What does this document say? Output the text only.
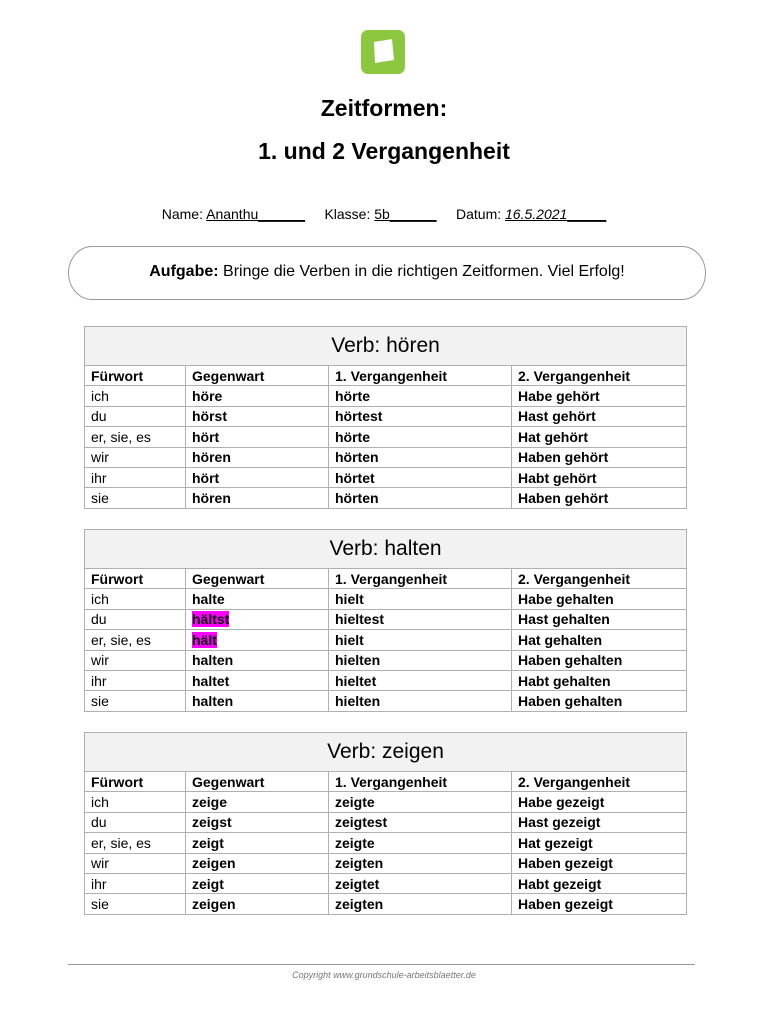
Zeitformen:
1. und 2 Vergangenheit
Name: Ananthu______ Klasse: 5b______ Datum: 16.5.2021_____
Aufgabe: Bringe die Verben in die richtigen Zeitformen. Viel Erfolg!
Verb: hören			
Fürwort	Gegenwart	1. Vergangenheit	2. Vergangenheit
ich	höre	hörte	Habe gehört
du	hörst	hörtest	Hast gehört
er, sie, es	hört	hörte	Hat gehört
wir	hören	hörten	Haben gehört
ihr	hört	hörtet	Habt gehört
sie	hören	hörten	Haben gehört
Verb: halten			
Fürwort	Gegenwart	1. Vergangenheit	2. Vergangenheit
ich	halte	hielt	Habe gehalten
du	hältst	hieltest	Hast gehalten
er, sie, es	hält	hielt	Hat gehalten
wir	halten	hielten	Haben gehalten
ihr	haltet	hieltet	Habt gehalten
sie	halten	hielten	Haben gehalten
Verb: zeigen			
Fürwort	Gegenwart	1. Vergangenheit	2. Vergangenheit
ich	zeige	zeigte	Habe gezeigt
du	zeigst	zeigtest	Hast gezeigt
er, sie, es	zeigt	zeigte	Hat gezeigt
wir	zeigen	zeigten	Haben gezeigt
ihr	zeigt	zeigtet	Habt gezeigt
sie	zeigen	zeigten	Haben gezeigt
Copyright www.grundschule-arbeitsblaetter.de
